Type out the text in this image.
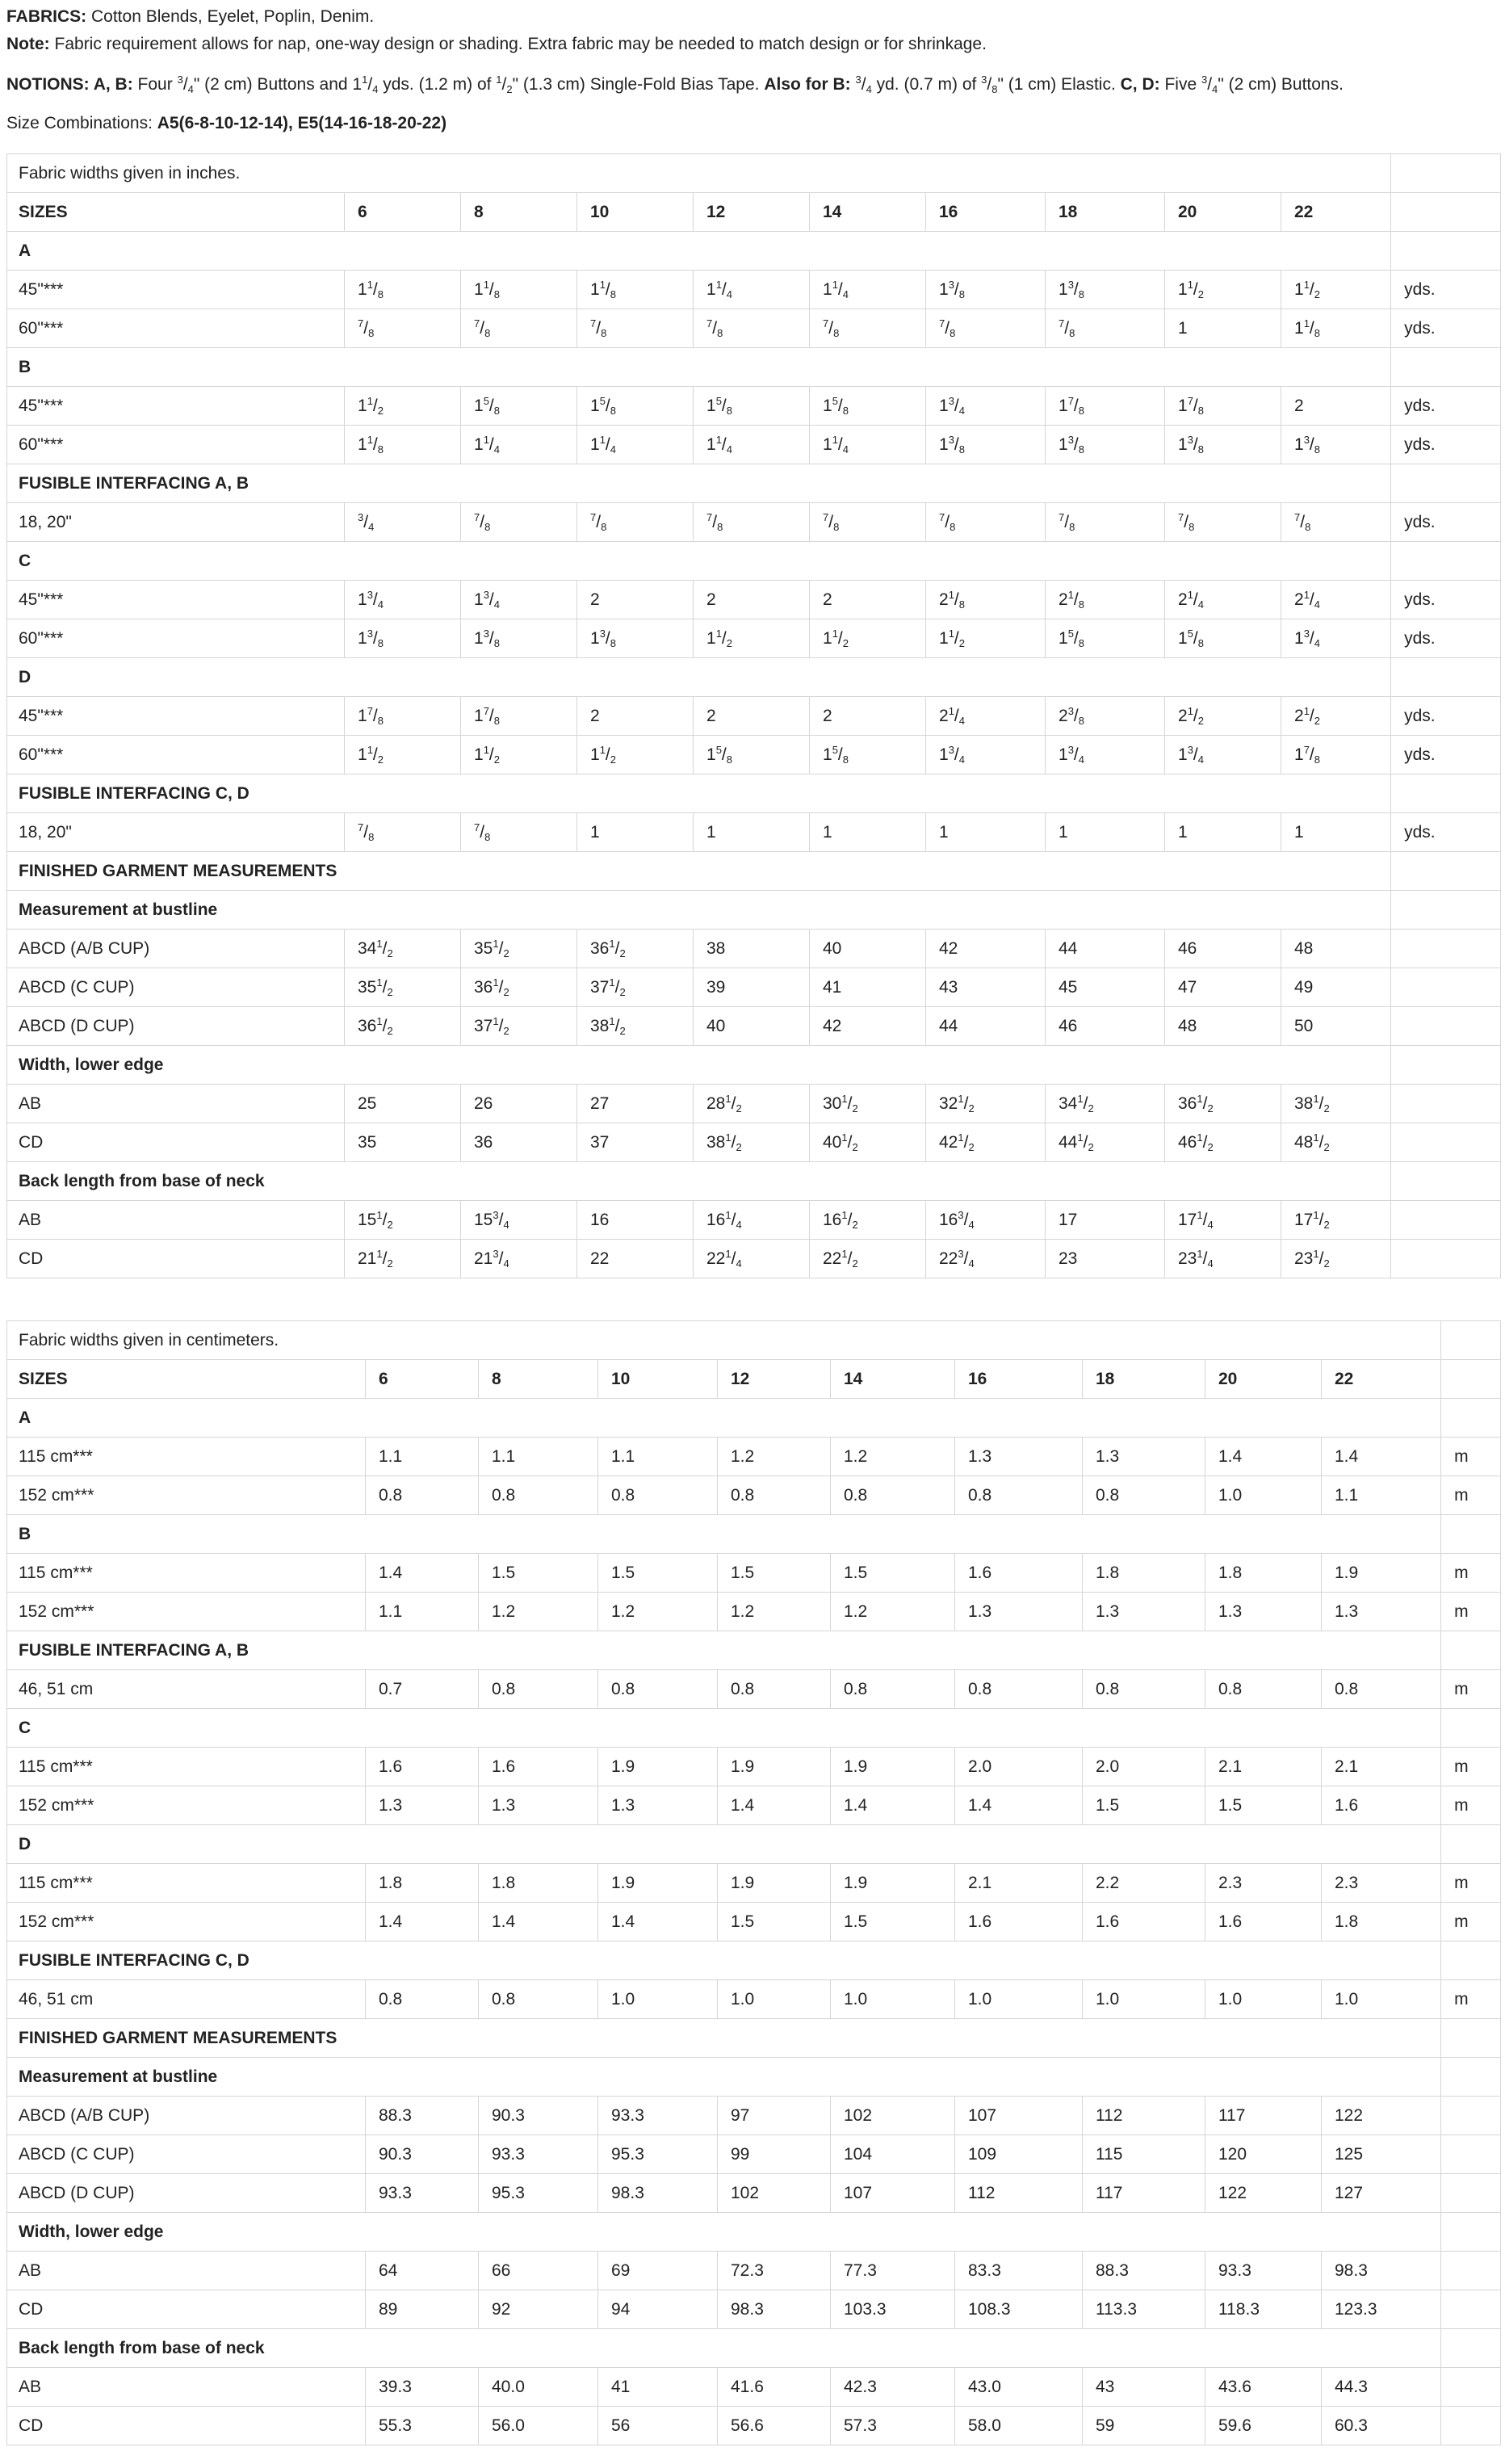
FABRICS: Cotton Blends, Eyelet, Poplin, Denim.
Note: Fabric requirement allows for nap, one-way design or shading. Extra fabric may be needed to match design or for shrinkage.
NOTIONS: A, B: Four $^3/_4$" (2 cm) Buttons and $1^1/_4$ yds. (1.2 m) of $^1/_2$" (1.3 cm) Single-Fold Bias Tape. Also for B: $^3/_4$ yd. (0.7 m) of $^3/_8$" (1 cm) Elastic. C, D: Five $^3/_4$" (2 cm) Buttons.
Size Combinations: A5(6-8-10-12-14), E5(14-16-18-20-22)
Fabric widths given in inches.										
SIZES	6	8	10	12	14	16	18	20	22	
A										
45"***	$1^1/_8$	$1^1/_8$	$1^1/_8$	$1^1/_4$	$1^1/_4$	$1^3/_8$	$1^3/_8$	$1^1/_2$	$1^1/_2$	yds.
60"***	$^7/_8$	$^7/_8$	$^7/_8$	$^7/_8$	$^7/_8$	$^7/_8$	$^7/_8$	1	$1^1/_8$	yds.
B										
45"***	$1^1/_2$	$1^5/_8$	$1^5/_8$	$1^5/_8$	$1^5/_8$	$1^3/_4$	$1^7/_8$	$1^7/_8$	2	yds.
60"***	$1^1/_8$	$1^1/_4$	$1^1/_4$	$1^1/_4$	$1^1/_4$	$1^3/_8$	$1^3/_8$	$1^3/_8$	$1^3/_8$	yds.
FUSIBLE INTERFACING A, B										
18, 20"	$^3/_4$	$^7/_8$	$^7/_8$	$^7/_8$	$^7/_8$	$^7/_8$	$^7/_8$	$^7/_8$	$^7/_8$	yds.
C										
45"***	$1^3/_4$	$1^3/_4$	2	2	2	$2^1/_8$	$2^1/_8$	$2^1/_4$	$2^1/_4$	yds.
60"***	$1^3/_8$	$1^3/_8$	$1^3/_8$	$1^1/_2$	$1^1/_2$	$1^1/_2$	$1^5/_8$	$1^5/_8$	$1^3/_4$	yds.
D										
45"***	$1^7/_8$	$1^7/_8$	2	2	2	$2^1/_4$	$2^3/_8$	$2^1/_2$	$2^1/_2$	yds.
60"***	$1^1/_2$	$1^1/_2$	$1^1/_2$	$1^5/_8$	$1^5/_8$	$1^3/_4$	$1^3/_4$	$1^3/_4$	$1^7/_8$	yds.
FUSIBLE INTERFACING C, D										
18, 20"	$^7/_8$	$^7/_8$	1	1	1	1	1	1	1	yds.
FINISHED GARMENT MEASUREMENTS										
Measurement at bustline										
ABCD (A/B CUP)	$34^1/_2$	$35^1/_2$	$36^1/_2$	38	40	42	44	46	48	
ABCD (C CUP)	$35^1/_2$	$36^1/_2$	$37^1/_2$	39	41	43	45	47	49	
ABCD (D CUP)	$36^1/_2$	$37^1/_2$	$38^1/_2$	40	42	44	46	48	50	
Width, lower edge										
AB	25	26	27	$28^1/_2$	$30^1/_2$	$32^1/_2$	$34^1/_2$	$36^1/_2$	$38^1/_2$	
CD	35	36	37	$38^1/_2$	$40^1/_2$	$42^1/_2$	$44^1/_2$	$46^1/_2$	$48^1/_2$	
Back length from base of neck										
AB	$15^1/_2$	$15^3/_4$	16	$16^1/_4$	$16^1/_2$	$16^3/_4$	17	$17^1/_4$	$17^1/_2$	
CD	$21^1/_2$	$21^3/_4$	22	$22^1/_4$	$22^1/_2$	$22^3/_4$	23	$23^1/_4$	$23^1/_2$	
Fabric widths given in centimeters.										
SIZES	6	8	10	12	14	16	18	20	22	
A										
115 cm***	1.1	1.1	1.1	1.2	1.2	1.3	1.3	1.4	1.4	m
152 cm***	0.8	0.8	0.8	0.8	0.8	0.8	0.8	1.0	1.1	m
B										
115 cm***	1.4	1.5	1.5	1.5	1.5	1.6	1.8	1.8	1.9	m
152 cm***	1.1	1.2	1.2	1.2	1.2	1.3	1.3	1.3	1.3	m
FUSIBLE INTERFACING A, B										
46, 51 cm	0.7	0.8	0.8	0.8	0.8	0.8	0.8	0.8	0.8	m
C										
115 cm***	1.6	1.6	1.9	1.9	1.9	2.0	2.0	2.1	2.1	m
152 cm***	1.3	1.3	1.3	1.4	1.4	1.4	1.5	1.5	1.6	m
D										
115 cm***	1.8	1.8	1.9	1.9	1.9	2.1	2.2	2.3	2.3	m
152 cm***	1.4	1.4	1.4	1.5	1.5	1.6	1.6	1.6	1.8	m
FUSIBLE INTERFACING C, D										
46, 51 cm	0.8	0.8	1.0	1.0	1.0	1.0	1.0	1.0	1.0	m
FINISHED GARMENT MEASUREMENTS										
Measurement at bustline										
ABCD (A/B CUP)	88.3	90.3	93.3	97	102	107	112	117	122	
ABCD (C CUP)	90.3	93.3	95.3	99	104	109	115	120	125	
ABCD (D CUP)	93.3	95.3	98.3	102	107	112	117	122	127	
Width, lower edge										
AB	64	66	69	72.3	77.3	83.3	88.3	93.3	98.3	
CD	89	92	94	98.3	103.3	108.3	113.3	118.3	123.3	
Back length from base of neck										
AB	39.3	40.0	41	41.6	42.3	43.0	43	43.6	44.3	
CD	55.3	56.0	56	56.6	57.3	58.0	59	59.6	60.3	
